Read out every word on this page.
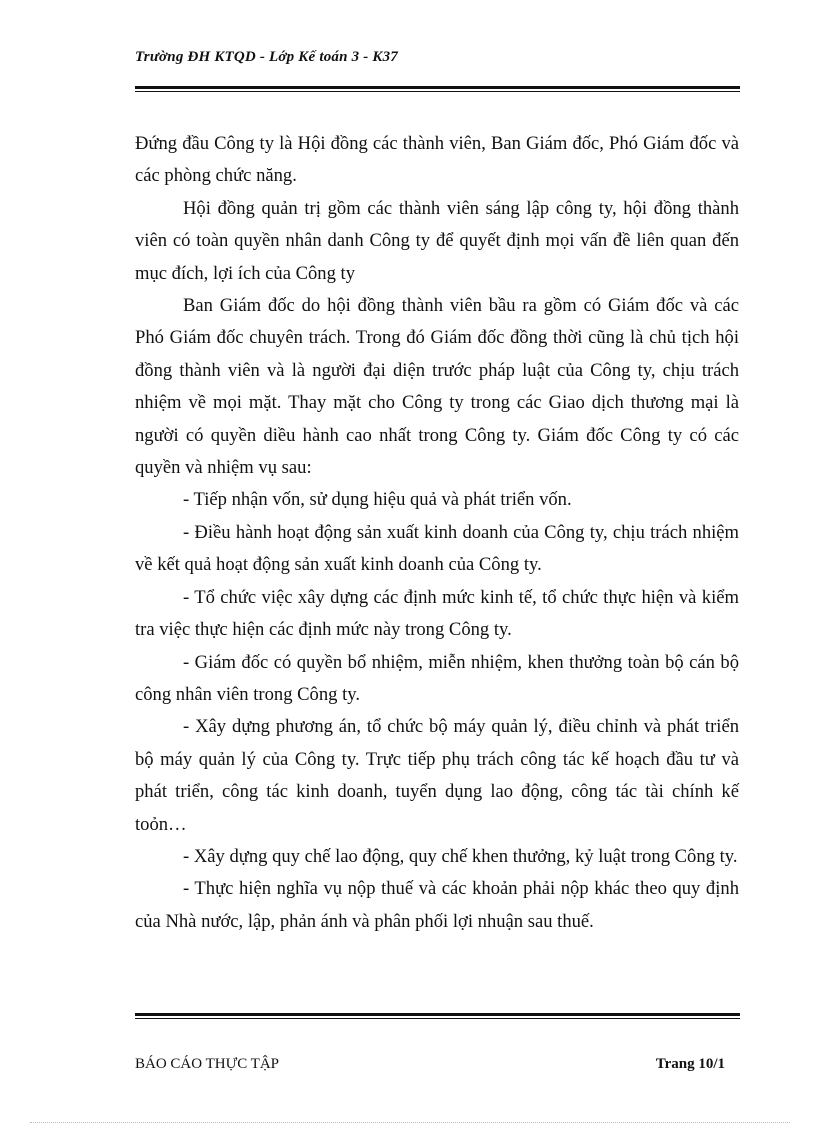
Trường ĐH KTQD - Lớp Kế toán 3 - K37

Đứng đầu Công ty là Hội đồng các thành viên, Ban Giám đốc, Phó Giám đốc và các phòng chức năng.

Hội đồng quản trị gồm các thành viên sáng lập công ty, hội đồng thành viên có toàn quyền nhân danh Công ty để quyết định mọi vấn đề liên quan đến mục đích, lợi ích của Công ty

Ban Giám đốc do hội đồng thành viên bầu ra gồm có Giám đốc và các Phó Giám đốc chuyên trách. Trong đó Giám đốc đồng thời cũng là chủ tịch hội đồng thành viên và là người đại diện trước pháp luật của Công ty, chịu trách nhiệm về mọi mặt. Thay mặt cho Công ty trong các Giao dịch thương mại là người có quyền diều hành cao nhất trong Công ty. Giám đốc Công ty có các quyền và nhiệm vụ sau:

- Tiếp nhận vốn, sử dụng hiệu quả và phát triển vốn.

- Điều hành hoạt động sản xuất kinh doanh của Công ty, chịu trách nhiệm về kết quả hoạt động sản xuất kinh doanh của Công ty.

- Tổ chức việc xây dựng các định mức kinh tế, tổ chức thực hiện và kiểm tra việc thực hiện các định mức này trong Công ty.

- Giám đốc có quyền bổ nhiệm, miễn nhiệm, khen thưởng toàn bộ cán bộ công nhân viên trong Công ty.

- Xây dựng phương án, tổ chức bộ máy quản lý, điều chỉnh và phát triển bộ máy quản lý của Công ty. Trực tiếp phụ trách công tác kế hoạch đầu tư và phát triển, công tác kinh doanh, tuyển dụng lao động, công tác tài chính kế toỏn…

- Xây dựng quy chế lao động, quy chế khen thưởng, kỷ luật trong Công ty.

- Thực hiện nghĩa vụ nộp thuế và các khoản phải nộp khác theo quy định của Nhà nước, lập, phản ánh và phân phối lợi nhuận sau thuế.

BÁO CÁO THỰC TẬP	Trang 10/1
